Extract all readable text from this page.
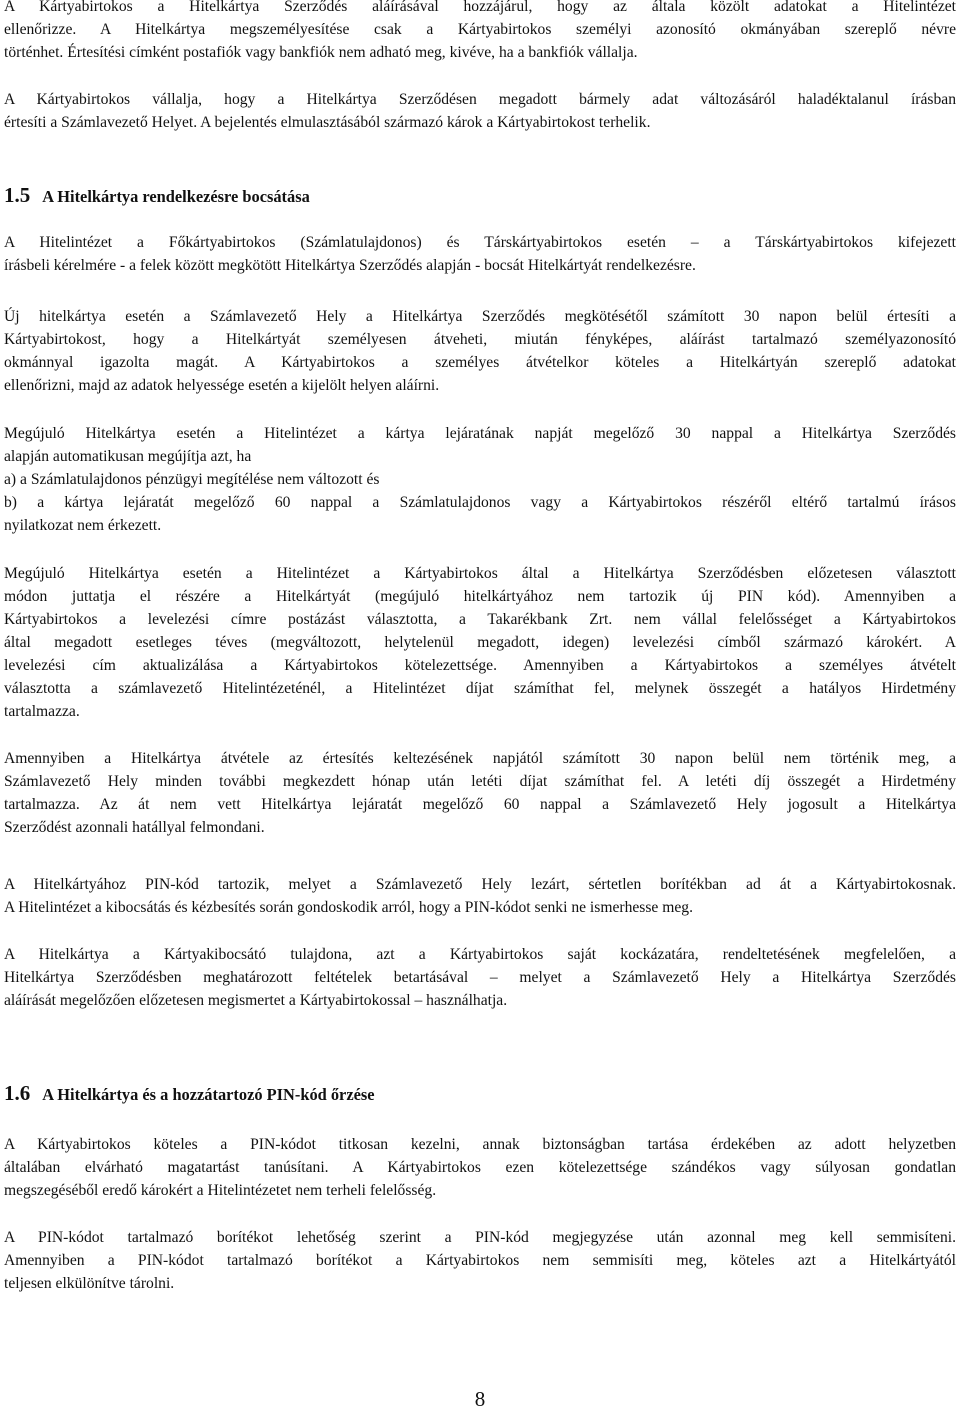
A Kártyabirtokos a Hitelkártya Szerződés aláírásával hozzájárul, hogy az általa közölt adatokat a Hitelintézet
ellenőrizze. A Hitelkártya megszemélyesítése csak a Kártyabirtokos személyi azonosító okmányában szereplő névre
történhet. Értesítési címként postafiók vagy bankfiók nem adható meg, kivéve, ha a bankfiók vállalja.
A Kártyabirtokos vállalja, hogy a Hitelkártya Szerződésen megadott bármely adat változásáról haladéktalanul írásban
értesíti a Számlavezető Helyet. A bejelentés elmulasztásából származó károk a Kártyabirtokost terhelik.
1.5 A Hitelkártya rendelkezésre bocsátása
A Hitelintézet a Főkártyabirtokos (Számlatulajdonos) és Társkártyabirtokos esetén – a Társkártyabirtokos kifejezett
írásbeli kérelmére - a felek között megkötött Hitelkártya Szerződés alapján - bocsát Hitelkártyát rendelkezésre.
Új hitelkártya esetén a Számlavezető Hely a Hitelkártya Szerződés megkötésétől számított 30 napon belül értesíti a
Kártyabirtokost, hogy a Hitelkártyát személyesen átveheti, miután fényképes, aláírást tartalmazó személyazonosító
okmánnyal igazolta magát. A Kártyabirtokos a személyes átvételkor köteles a Hitelkártyán szereplő adatokat
ellenőrizni, majd az adatok helyessége esetén a kijelölt helyen aláírni.
Megújuló Hitelkártya esetén a Hitelintézet a kártya lejáratának napját megelőző 30 nappal a Hitelkártya Szerződés
alapján automatikusan megújítja azt, ha
a) a Számlatulajdonos pénzügyi megítélése nem változott és
b) a kártya lejáratát megelőző 60 nappal a Számlatulajdonos vagy a Kártyabirtokos részéről eltérő tartalmú írásos
nyilatkozat nem érkezett.
Megújuló Hitelkártya esetén a Hitelintézet a Kártyabirtokos által a Hitelkártya Szerződésben előzetesen választott
módon juttatja el részére a Hitelkártyát (megújuló hitelkártyához nem tartozik új PIN kód). Amennyiben a
Kártyabirtokos a levelezési címre postázást választotta, a Takarékbank Zrt. nem vállal felelősséget a Kártyabirtokos
által megadott esetleges téves (megváltozott, helytelenül megadott, idegen) levelezési címből származó károkért. A
levelezési cím aktualizálása a Kártyabirtokos kötelezettsége. Amennyiben a Kártyabirtokos a személyes átvételt
választotta a számlavezető Hitelintézeténél, a Hitelintézet díjat számíthat fel, melynek összegét a hatályos Hirdetmény
tartalmazza.
Amennyiben a Hitelkártya átvétele az értesítés keltezésének napjától számított 30 napon belül nem történik meg, a
Számlavezető Hely minden további megkezdett hónap után letéti díjat számíthat fel. A letéti díj összegét a Hirdetmény
tartalmazza. Az át nem vett Hitelkártya lejáratát megelőző 60 nappal a Számlavezető Hely jogosult a Hitelkártya
Szerződést azonnali hatállyal felmondani.
A Hitelkártyához PIN-kód tartozik, melyet a Számlavezető Hely lezárt, sértetlen borítékban ad át a Kártyabirtokosnak.
A Hitelintézet a kibocsátás és kézbesítés során gondoskodik arról, hogy a PIN-kódot senki ne ismerhesse meg.
A Hitelkártya a Kártyakibocsátó tulajdona, azt a Kártyabirtokos saját kockázatára, rendeltetésének megfelelően, a
Hitelkártya Szerződésben meghatározott feltételek betartásával – melyet a Számlavezető Hely a Hitelkártya Szerződés
aláírását megelőzően előzetesen megismertet a Kártyabirtokossal – használhatja.
1.6 A Hitelkártya és a hozzátartozó PIN-kód őrzése
A Kártyabirtokos köteles a PIN-kódot titkosan kezelni, annak biztonságban tartása érdekében az adott helyzetben
általában elvárható magatartást tanúsítani. A Kártyabirtokos ezen kötelezettsége szándékos vagy súlyosan gondatlan
megszegéséből eredő károkért a Hitelintézetet nem terheli felelősség.
A PIN-kódot tartalmazó borítékot lehetőség szerint a PIN-kód megjegyzése után azonnal meg kell semmisíteni.
Amennyiben a PIN-kódot tartalmazó borítékot a Kártyabirtokos nem semmisíti meg, köteles azt a Hitelkártyától
teljesen elkülönítve tárolni.
8
